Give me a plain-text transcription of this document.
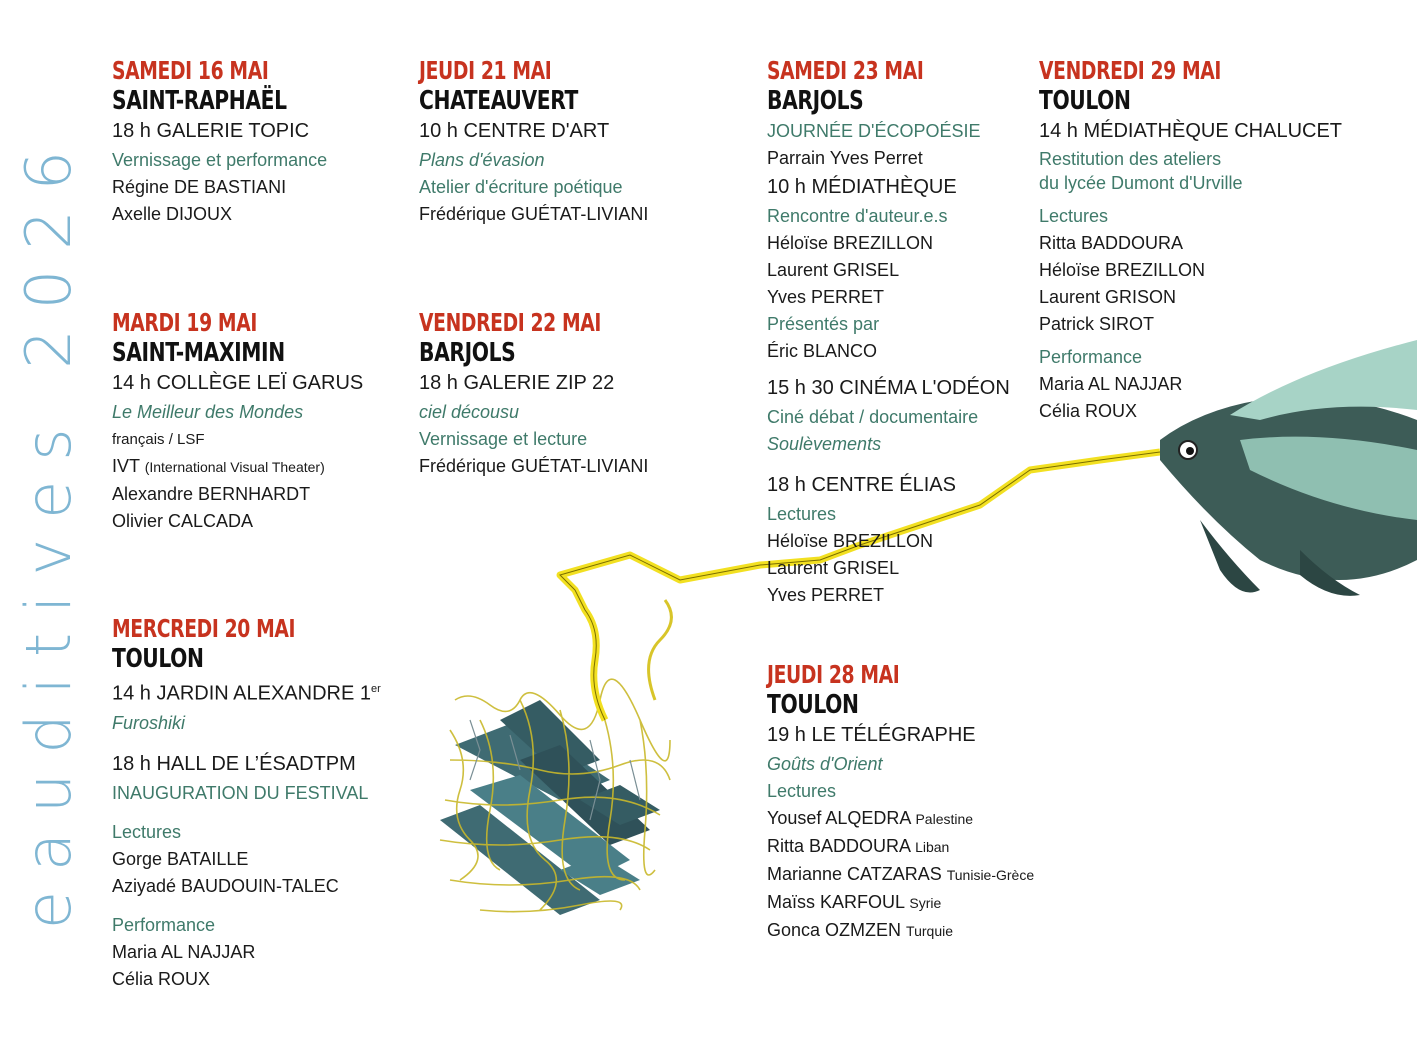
eauditives 2026
SAMEDI 16 MAI
SAINT-RAPHAËL
18 h GALERIE TOPIC
Vernissage et performance
Régine DE BASTIANI
Axelle DIJOUX
MARDI 19 MAI
SAINT-MAXIMIN
14 h COLLÈGE LEÏ GARUS
Le Meilleur des Mondes
français / LSF
IVT (International Visual Theater)
Alexandre BERNHARDT
Olivier CALCADA
MERCREDI 20 MAI
TOULON
14 h JARDIN ALEXANDRE 1er
Furoshiki
18 h HALL DE L’ÉSADTPM
INAUGURATION DU FESTIVAL
Lectures
Gorge BATAILLE
Aziyadé BAUDOUIN-TALEC
Performance
Maria AL NAJJAR
Célia ROUX
JEUDI 21 MAI
CHATEAUVERT
10 h CENTRE D'ART
Plans d'évasion
Atelier d'écriture poétique
Frédérique GUÉTAT-LIVIANI
VENDREDI 22 MAI
BARJOLS
18 h GALERIE ZIP 22
ciel décousu
Vernissage et lecture
Frédérique GUÉTAT-LIVIANI
SAMEDI 23 MAI
BARJOLS
JOURNÉE D'ÉCOPOÉSIE
Parrain Yves Perret
10 h MÉDIATHÈQUE
Rencontre d'auteur.e.s
Héloïse BREZILLON
Laurent GRISEL
Yves PERRET
Présentés par
Éric BLANCO
15 h 30 CINÉMA L'ODÉON
Ciné débat / documentaire
Soulèvements
18 h CENTRE ÉLIAS
Lectures
Héloïse BREZILLON
Laurent GRISEL
Yves PERRET
JEUDI 28 MAI
TOULON
19 h LE TÉLÉGRAPHE
Goûts d'Orient
Lectures
Yousef ALQEDRA Palestine
Ritta BADDOURA Liban
Marianne CATZARAS Tunisie-Grèce
Maïss KARFOUL Syrie
Gonca OZMZEN Turquie
VENDREDI 29 MAI
TOULON
14 h MÉDIATHÈQUE CHALUCET
Restitution des ateliers
du lycée Dumont d'Urville
Lectures
Ritta BADDOURA
Héloïse BREZILLON
Laurent GRISON
Patrick SIROT
Performance
Maria AL NAJJAR
Célia ROUX
